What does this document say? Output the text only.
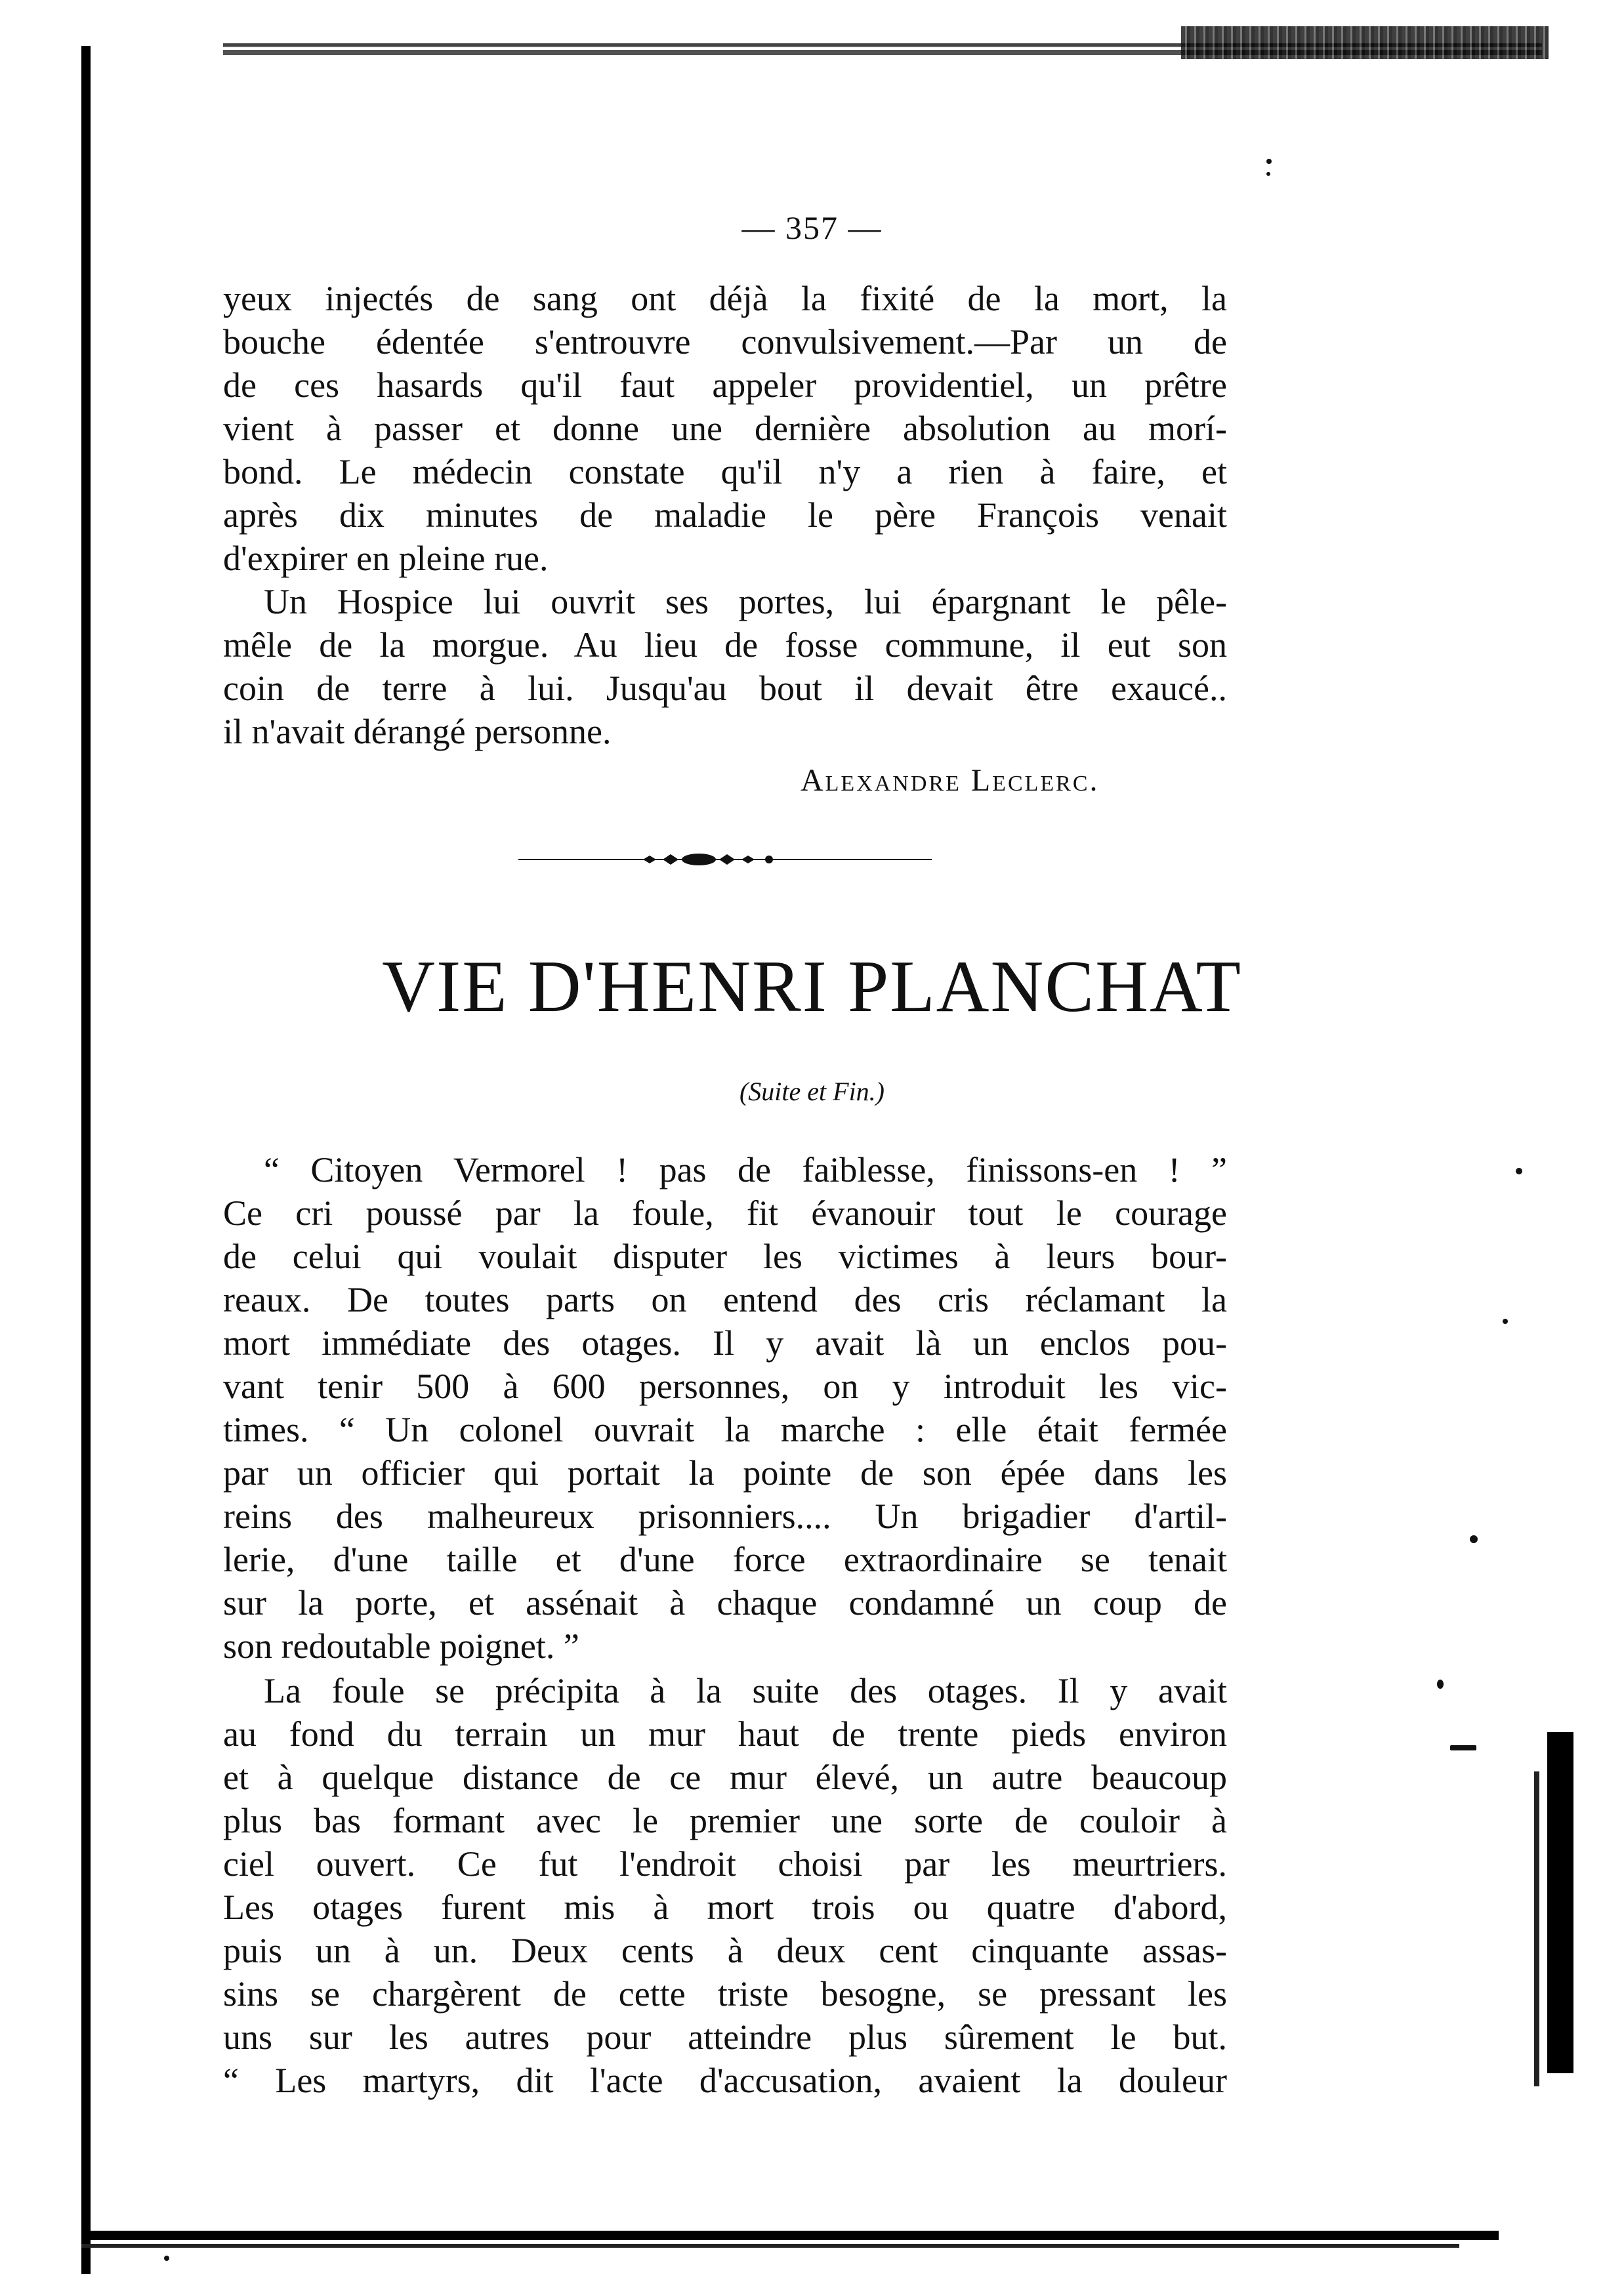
— 357 —
yeux injectés de sang ont déjà la fixité de la mort, la
bouche édentée s'entrouvre convulsivement.—Par un de
de ces hasards qu'il faut appeler providentiel, un prêtre
vient à passer et donne une dernière absolution au morí-
bond. Le médecin constate qu'il n'y a rien à faire, et
après dix minutes de maladie le père François venait
d'expirer en pleine rue.
Un Hospice lui ouvrit ses portes, lui épargnant le pêle-
mêle de la morgue. Au lieu de fosse commune, il eut son
coin de terre à lui. Jusqu'au bout il devait être exaucé..
il n'avait dérangé personne.
Alexandre Leclerc.
VIE D'HENRI PLANCHAT
(Suite et Fin.)
“ Citoyen Vermorel ! pas de faiblesse, finissons-en ! ”
Ce cri poussé par la foule, fit évanouir tout le courage
de celui qui voulait disputer les victimes à leurs bour-
reaux. De toutes parts on entend des cris réclamant la
mort immédiate des otages. Il y avait là un enclos pou-
vant tenir 500 à 600 personnes, on y introduit les vic-
times. “ Un colonel ouvrait la marche : elle était fermée
par un officier qui portait la pointe de son épée dans les
reins des malheureux prisonniers.... Un brigadier d'artil-
lerie, d'une taille et d'une force extraordinaire se tenait
sur la porte, et assénait à chaque condamné un coup de
son redoutable poignet. ”
La foule se précipita à la suite des otages. Il y avait
au fond du terrain un mur haut de trente pieds environ
et à quelque distance de ce mur élevé, un autre beaucoup
plus bas formant avec le premier une sorte de couloir à
ciel ouvert. Ce fut l'endroit choisi par les meurtriers.
Les otages furent mis à mort trois ou quatre d'abord,
puis un à un. Deux cents à deux cent cinquante assas-
sins se chargèrent de cette triste besogne, se pressant les
uns sur les autres pour atteindre plus sûrement le but.
“ Les martyrs, dit l'acte d'accusation, avaient la douleur
